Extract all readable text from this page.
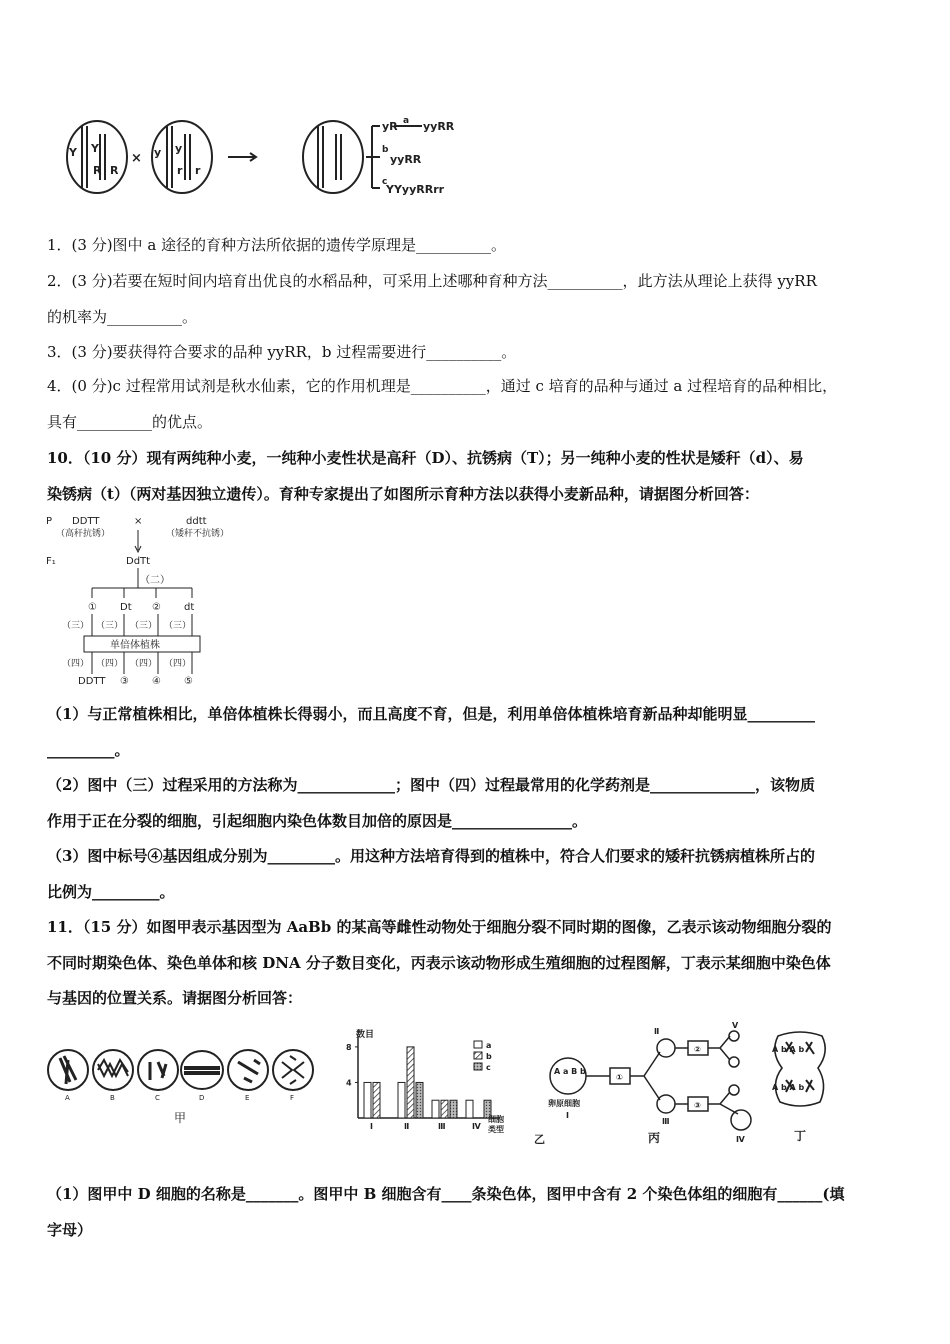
Y Y
R R
y y
r r
×
yR a yyRR
b
yyRR
c
YYyyRRrr
1．(3 分)图中 a 途径的育种方法所依据的遗传学原理是__________。
2．(3 分)若要在短时间内培育出优良的水稻品种，可采用上述哪种育种方法__________，此方法从理论上获得 yyRR
的机率为__________。
3．(3 分)要获得符合要求的品种 yyRR，b 过程需要进行__________。
4．(0 分)c 过程常用试剂是秋水仙素，它的作用机理是__________，通过 c 培育的品种与通过 a 过程培育的品种相比，
具有__________的优点。
10．（10 分）现有两纯种小麦，一纯种小麦性状是高秆（D）、抗锈病（T）；另一纯种小麦的性状是矮秆（d）、易
染锈病（t）（两对基因独立遗传）。育种专家提出了如图所示育种方法以获得小麦新品种，请据图分析回答：
P DDTT	×	ddtt
（高秆抗锈）	（矮秆不抗锈）
F₁	DdTt
（二）
① Dt ② dt
（三） （三） （三） （三）
单倍体植株
（四） （四） （四） （四）
DDTT ③ ④ ⑤
（1）与正常植株相比，单倍体植株长得弱小，而且高度不育，但是，利用单倍体植株培育新品种却能明显_________
_________。
（2）图中（三）过程采用的方法称为_____________；图中（四）过程最常用的化学药剂是______________，该物质
作用于正在分裂的细胞，引起细胞内染色体数目加倍的原因是________________。
（3）图中标号④基因组成分别为_________。用这种方法培育得到的植株中，符合人们要求的矮秆抗锈病植株所占的
比例为_________。
11．（15 分）如图甲表示基因型为 AaBb 的某高等雌性动物处于细胞分裂不同时期的图像，乙表示该动物细胞分裂的
不同时期染色体、染色单体和核 DNA 分子数目变化，丙表示该动物形成生殖细胞的过程图解，丁表示某细胞中染色体
与基因的位置关系。请据图分析回答：
A	B	C	D	E	F
甲
4
8
Ⅰ	Ⅱ	Ⅲ	Ⅳ
a
b
c
数目
细胞
类型
乙
A a B b
卵原细胞
Ⅰ
①
②
③
Ⅱ
Ⅲ
Ⅳ
Ⅴ
丙
A b A b
A b A b
丁
（1）图甲中 D 细胞的名称是_______。图甲中 B 细胞含有____条染色体，图甲中含有 2 个染色体组的细胞有______(填
字母）
